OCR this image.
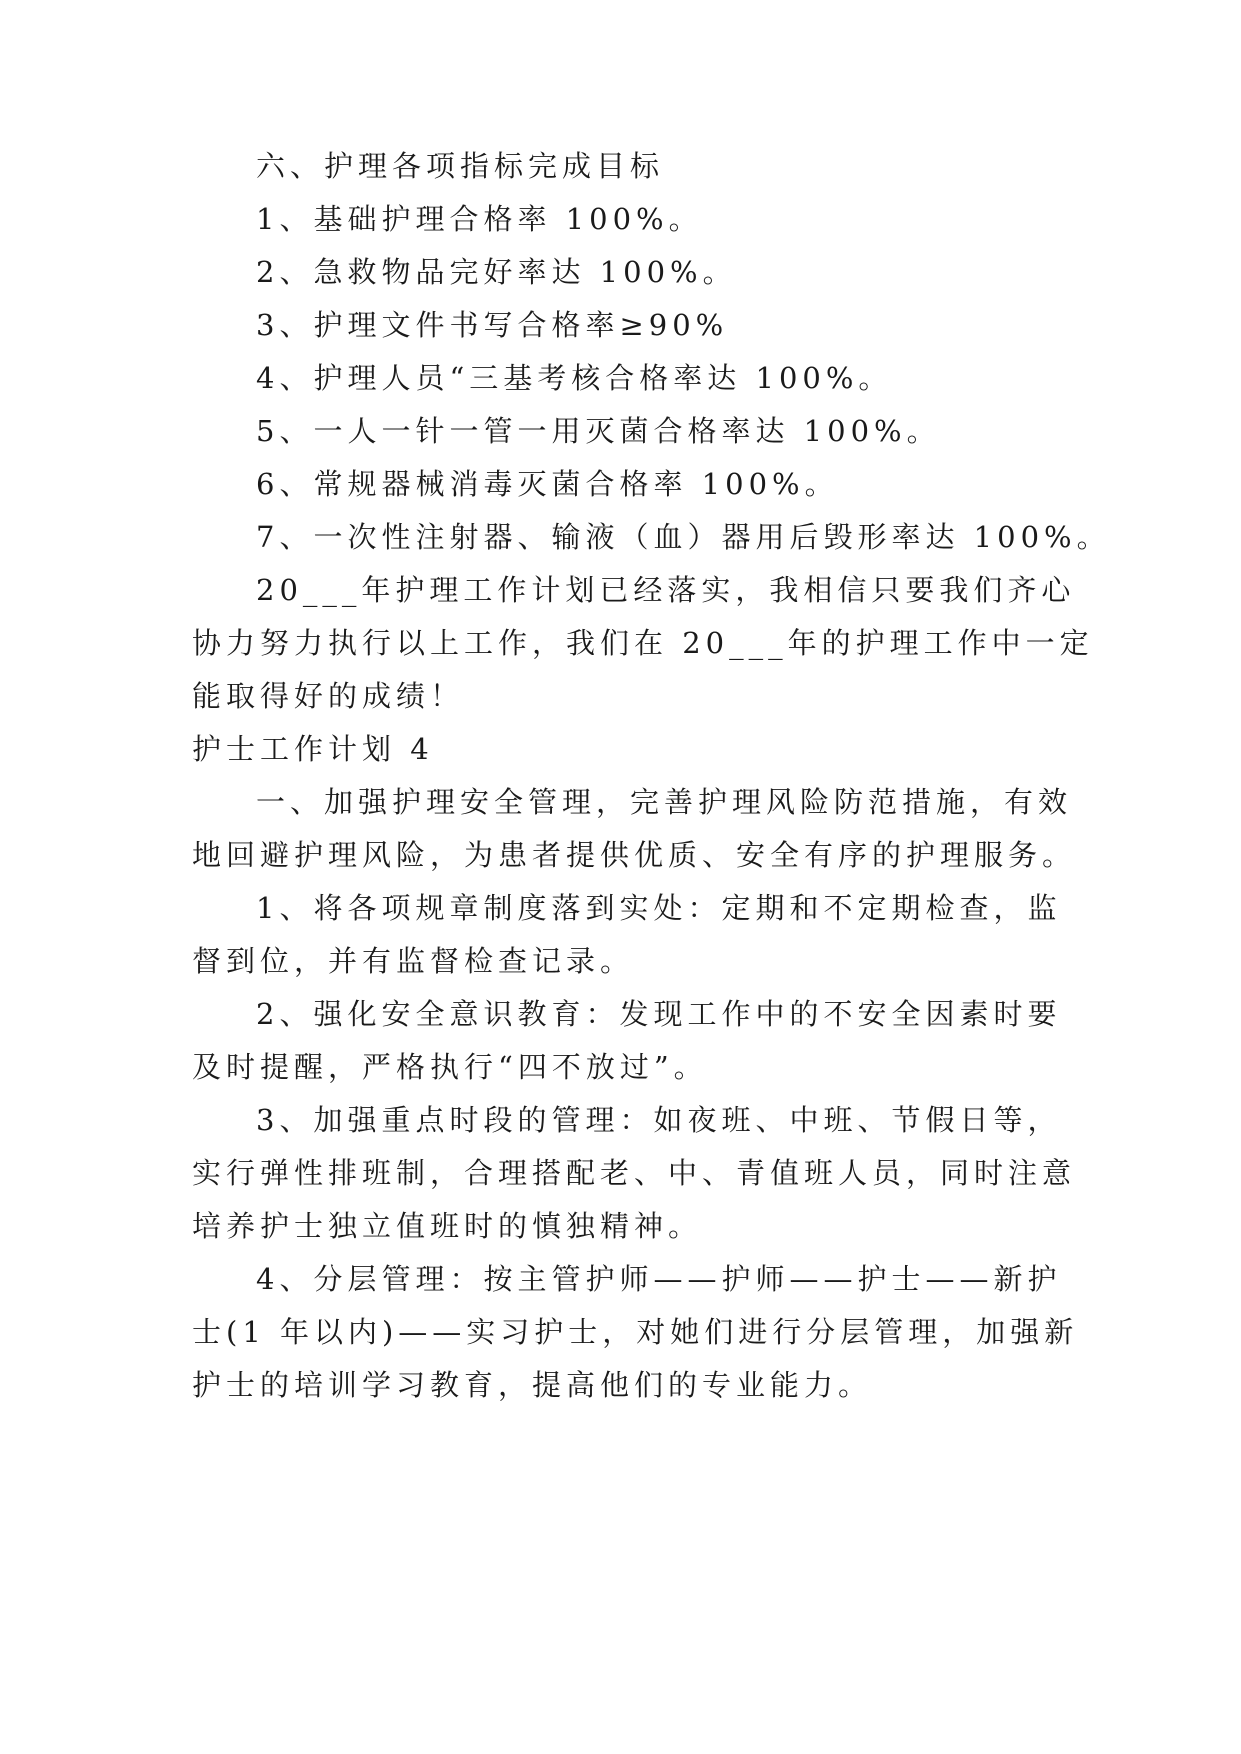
六、护理各项指标完成目标

1、基础护理合格率 100%。

2、急救物品完好率达 100%。

3、护理文件书写合格率≥90%

4、护理人员“三基考核合格率达 100%。

5、一人一针一管一用灭菌合格率达 100%。

6、常规器械消毒灭菌合格率 100%。

7、一次性注射器、输液（血）器用后毁形率达 100%。

20___年护理工作计划已经落实，我相信只要我们齐心

协力努力执行以上工作，我们在 20___年的护理工作中一定

能取得好的成绩！

护士工作计划 4

一、加强护理安全管理，完善护理风险防范措施，有效

地回避护理风险，为患者提供优质、安全有序的护理服务。

1、将各项规章制度落到实处：定期和不定期检查，监

督到位，并有监督检查记录。

2、强化安全意识教育：发现工作中的不安全因素时要

及时提醒，严格执行“四不放过”。

3、加强重点时段的管理：如夜班、中班、节假日等，

实行弹性排班制，合理搭配老、中、青值班人员，同时注意

培养护士独立值班时的慎独精神。

4、分层管理：按主管护师——护师——护士——新护

士(1 年以内)——实习护士，对她们进行分层管理，加强新

护士的培训学习教育，提高他们的专业能力。
